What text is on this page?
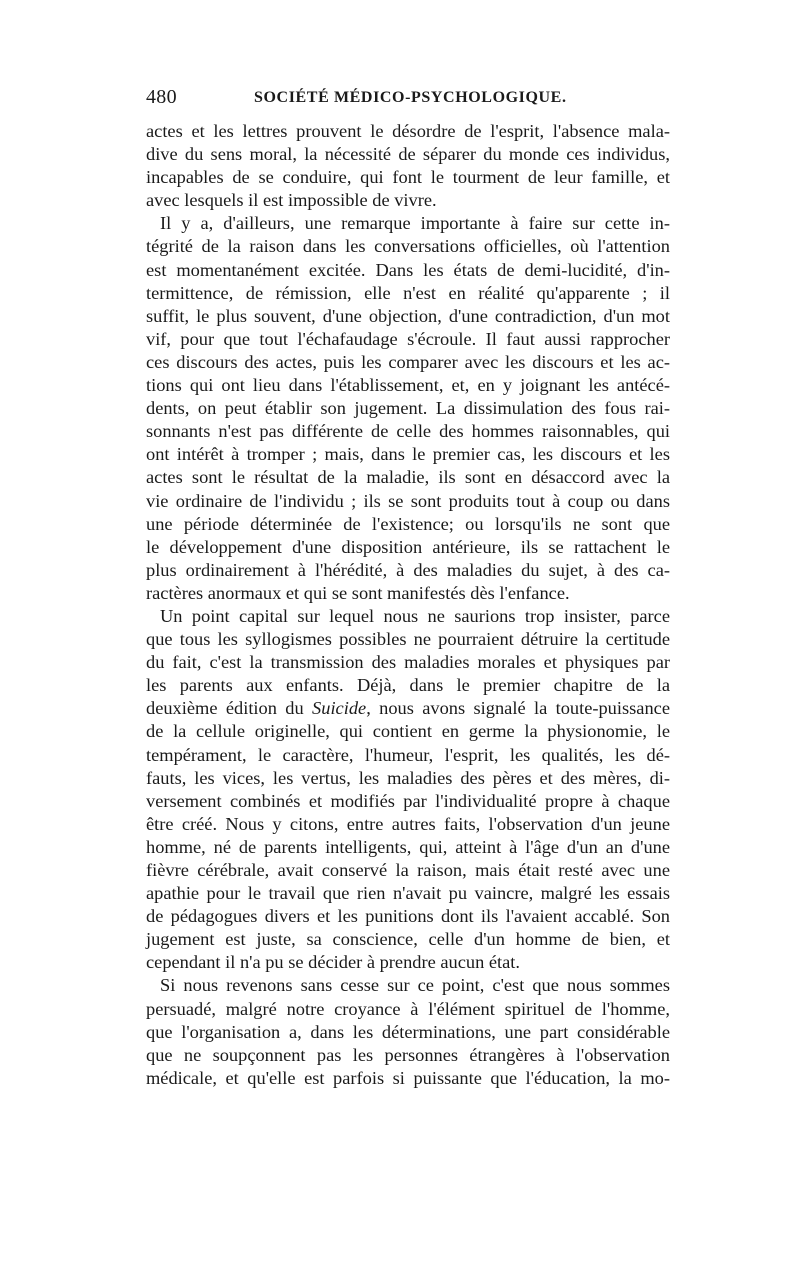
480	SOCIÉTÉ MÉDICO-PSYCHOLOGIQUE.
actes et les lettres prouvent le désordre de l'esprit, l'absence mala-
dive du sens moral, la nécessité de séparer du monde ces individus,
incapables de se conduire, qui font le tourment de leur famille, et
avec lesquels il est impossible de vivre.
Il y a, d'ailleurs, une remarque importante à faire sur cette in-
tégrité de la raison dans les conversations officielles, où l'attention
est momentanément excitée. Dans les états de demi-lucidité, d'in-
termittence, de rémission, elle n'est en réalité qu'apparente ; il
suffit, le plus souvent, d'une objection, d'une contradiction, d'un mot
vif, pour que tout l'échafaudage s'écroule. Il faut aussi rapprocher
ces discours des actes, puis les comparer avec les discours et les ac-
tions qui ont lieu dans l'établissement, et, en y joignant les antécé-
dents, on peut établir son jugement. La dissimulation des fous rai-
sonnants n'est pas différente de celle des hommes raisonnables, qui
ont intérêt à tromper ; mais, dans le premier cas, les discours et les
actes sont le résultat de la maladie, ils sont en désaccord avec la
vie ordinaire de l'individu ; ils se sont produits tout à coup ou dans
une période déterminée de l'existence; ou lorsqu'ils ne sont que
le développement d'une disposition antérieure, ils se rattachent le
plus ordinairement à l'hérédité, à des maladies du sujet, à des ca-
ractères anormaux et qui se sont manifestés dès l'enfance.
Un point capital sur lequel nous ne saurions trop insister, parce
que tous les syllogismes possibles ne pourraient détruire la certitude
du fait, c'est la transmission des maladies morales et physiques par
les parents aux enfants. Déjà, dans le premier chapitre de la
deuxième édition du Suicide, nous avons signalé la toute-puissance
de la cellule originelle, qui contient en germe la physionomie, le
tempérament, le caractère, l'humeur, l'esprit, les qualités, les dé-
fauts, les vices, les vertus, les maladies des pères et des mères, di-
versement combinés et modifiés par l'individualité propre à chaque
être créé. Nous y citons, entre autres faits, l'observation d'un jeune
homme, né de parents intelligents, qui, atteint à l'âge d'un an d'une
fièvre cérébrale, avait conservé la raison, mais était resté avec une
apathie pour le travail que rien n'avait pu vaincre, malgré les essais
de pédagogues divers et les punitions dont ils l'avaient accablé. Son
jugement est juste, sa conscience, celle d'un homme de bien, et
cependant il n'a pu se décider à prendre aucun état.
Si nous revenons sans cesse sur ce point, c'est que nous sommes
persuadé, malgré notre croyance à l'élément spirituel de l'homme,
que l'organisation a, dans les déterminations, une part considérable
que ne soupçonnent pas les personnes étrangères à l'observation
médicale, et qu'elle est parfois si puissante que l'éducation, la mo-
